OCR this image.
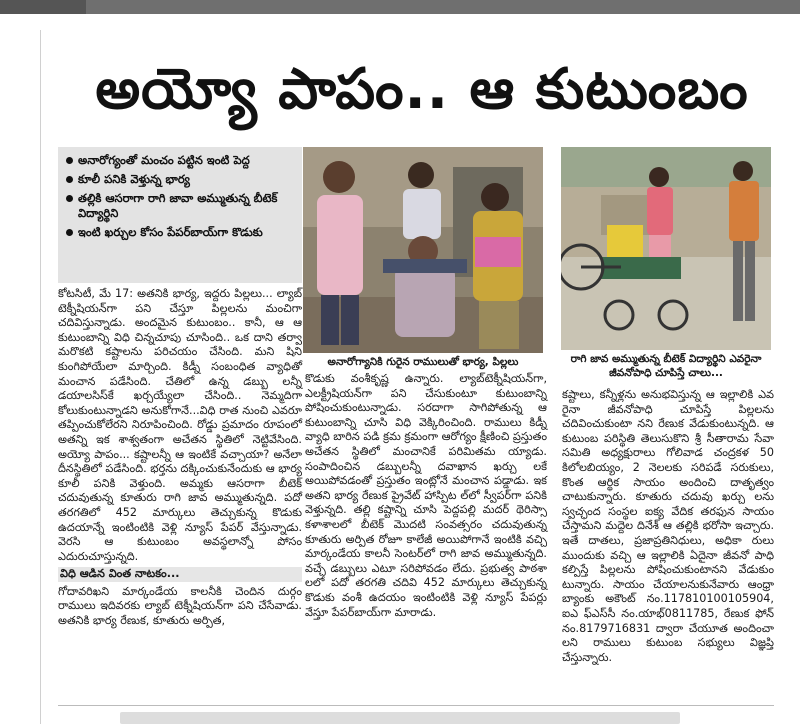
అయ్యో పాపం.. ఆ కుటుంబం
అనారోగ్యంతో మంచం పట్టిన ఇంటి పెద్ద
కూలీ పనికి వెళ్తున్న భార్య
తల్లికి ఆసరాగా రాగి జావా అమ్ముతున్న బీటెక్ విద్యార్థిని
ఇంటి ఖర్చుల కోసం పేపర్‌బాయ్‌గా కొడుకు
అనారోగ్యానికి గురైన రాములుతో భార్య, పిల్లలు	రాగి జావ అమ్ముతున్న బీటెక్ విద్యార్థిని ఎవరైనా జీవనోపాధి చూపిస్తే చాలు...
కోటసిటీ, మే 17: అతనికి భార్య, ఇద్దరు పిల్లలు... ల్యాబ్ టెక్నీషియన్‌గా పని చేస్తూ పిల్లలను మంచిగా చదివిస్తున్నాడు. అందమైన కుటుంబం.. కానీ, ఆ ఆ కుటుంబాన్ని విధి చిన్నచూపు చూసింది.. ఒక దాని తర్వా మరొకటి కష్టాలను పరిచయం చేసింది. మని షిని కుంగిపోయేలా మార్చింది. కిడ్నీ సంబంధిత వ్యాధితో మంచాన పడేసింది. చేతిలో ఉన్న డబ్బు లన్నీ డయాలసిస్‌కే ఖర్చయ్యేలా చేసింది.. నెమ్మదిగా కోలుకుంటున్నాడని అనుకోగానే...విధి రాత నుంచి ఎవరూ తప్పించుకోలేరని నిరూపించింది. రోడ్డు ప్రమాదం రూపంలో అతన్ని ఇక శాశ్వతంగా అచేతన స్థితిలో నెట్టివేసింది. అయ్యో పాపం... కష్టాలన్నీ ఆ ఇంటికే వచ్చాయా? అనేలా దీనస్థితిలో పడేసింది. భర్తను దక్కించుకునేందుకు ఆ భార్య కూలీ పనికి వెళ్తుంది. అమ్మకు ఆసరాగా బీటెక్ చదువుతున్న కూతురు రాగి జావ అమ్ముతున్నది. పదో తరగతిలో 452 మార్కులు తెచ్చుకున్న కొడుకు ఉదయాన్నే ఇంటింటికి వెళ్లి న్యూస్ పేపర్ వేస్తున్నాడు. వెరసి ఆ కుటుంబం అవస్థలాన్నో పోసం ఎదురుచూస్తున్నది.
విధి ఆడిన వింత నాటకం...
గోదావరిఖని మార్కండేయ కాలనీకి చెందిన దుర్గం రాములు ఇదివరకు ల్యాబ్ టెక్నీషియన్‌గా పని చేసేవాడు. అతనికి భార్య రేణుక, కూతురు అర్పిత,
కొడుకు వంశీకృష్ణ ఉన్నారు. ల్యాబ్‌టెక్నీషియన్‌గా, ఎలక్ట్రీషియన్‌గా పని చేసుకుంటూ కుటుంబాన్ని పోషించుకుంటున్నాడు. సరదాగా సాగిపోతున్న ఆ కుటుంబాన్ని చూసి విధి వెక్కిరించింది. రాములు కిడ్నీ వ్యాధి బారిన పడి క్రమ క్రమంగా ఆరోగ్యం క్షీణించి ప్రస్తుతం అచేతన స్థితిలో మంచానికే పరిమితమ య్యాడు. సంపాదించిన డబ్బులన్నీ దవాఖాన ఖర్చు లకే అయిపోవడంతో ప్రస్తుతం ఇంట్లోనే మంచాన పడ్డాడు. ఇక అతని భార్య రేణుక ప్రైవేట్ హాస్పిట ల్‌లో స్వీపర్‌గా పనికి వెళ్తున్నది. తల్లి కష్టాన్ని చూసి పెద్దపల్లి మదర్ థెరిస్సా కళాశాలలో బీటెక్ మొదటి సంవత్సరం చదువుతున్న కూతురు అర్పిత రోజూ కాలేజీ అయిపోగానే ఇంటికి వచ్చి మార్కండేయ కాలనీ సెంటర్‌లో రాగి జావ అమ్ముతున్నది. వచ్చే డబ్బులు ఎటూ సరిపోవడం లేదు. ప్రభుత్వ పాఠశా లలో పదో తరగతి చదివి 452 మార్కులు తెచ్చుకున్న కొడుకు వంశీ ఉదయం ఇంటింటికి వెళ్లి న్యూస్ పేపర్లు వేస్తూ పేపర్‌బాయ్‌గా మారాడు.
కష్టాలు, కన్నీళ్లను అనుభవిస్తున్న ఆ ఇల్లాలికి ఎవ రైనా జీవనోపాధి చూపిస్తే పిల్లలను చదివించుకుంటా నని రేణుక వేడుకుంటున్నది. ఆ కుటుంబ పరిస్థితి తెలుసుకొని శ్రీ సీతారామ సేవా సమితి అధ్యక్షురాలు గోలివాడ చంద్రకళ 50 కిలోలబియ్యం, 2 నెలలకు సరిపడే సరుకులు, కొంత ఆర్థిక సాయం అందించి దాతృత్వం చాటుకున్నారు. కూతురు చదువు ఖర్చు లను స్వచ్ఛంద సంస్థల ఐక్య వేదిక తరఫున సాయం చేస్తామని మద్దెల దినేశ్ ఆ తల్లికి భరోసా ఇచ్చారు. ఇతే దాతలు, ప్రజాప్రతినిధులు, అధికా రులు ముందుకు వచ్చి ఆ ఇల్లాలికి ఏదైనా జీవనో పాధి కల్పిస్తే పిల్లలను పోషించుకుంటానని వేడుకుం టున్నారు. సాయం చేయాలనుకునేవారు ఆంధ్రా బ్యాంకు అకౌంట్ నం.117810100105904, ఐఎ ఫ్ఎస్‌సీ నం.యాభ్‌0811785, రేణుక ఫోన్ నం.8179716831 ద్వారా చేయూత అందించా లని రాములు కుటుంబ సభ్యులు విజ్ఞప్తి చేస్తున్నారు.
